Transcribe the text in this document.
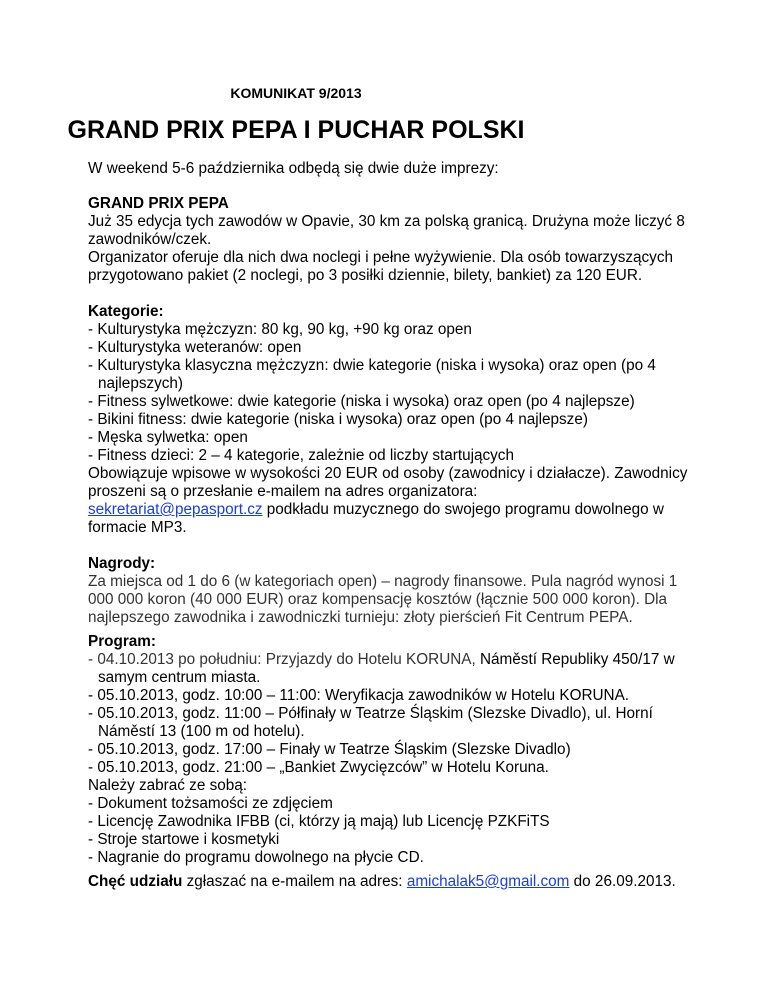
KOMUNIKAT 9/2013
GRAND PRIX PEPA I PUCHAR POLSKI

W weekend 5-6 października odbędą się dwie duże imprezy:

GRAND PRIX PEPA

Już 35 edycja tych zawodów w Opavie, 30 km za polską granicą. Drużyna może liczyć 8 zawodników/czek.

Organizator oferuje dla nich dwa noclegi i pełne wyżywienie. Dla osób towarzyszących przygotowano pakiet (2 noclegi, po 3 posiłki dziennie, bilety, bankiet) za 120 EUR.

Kategorie:

- Kulturystyka mężczyzn: 80 kg, 90 kg, +90 kg oraz open

- Kulturystyka weteranów: open

- Kulturystyka klasyczna mężczyzn: dwie kategorie (niska i wysoka) oraz open (po 4 najlepszych)

- Fitness sylwetkowe: dwie kategorie (niska i wysoka) oraz open (po 4 najlepsze)

- Bikini fitness: dwie kategorie (niska i wysoka) oraz open (po 4 najlepsze)

- Męska sylwetka: open

- Fitness dzieci: 2 – 4 kategorie, zależnie od liczby startujących

Obowiązuje wpisowe w wysokości 20 EUR od osoby (zawodnicy i działacze). Zawodnicy proszeni są o przesłanie e-mailem na adres organizatora:
sekretariat@pepasport.cz podkładu muzycznego do swojego programu dowolnego w formacie MP3.

Nagrody:

Za miejsca od 1 do 6 (w kategoriach open) – nagrody finansowe. Pula nagród wynosi 1 000 000 koron (40 000 EUR) oraz kompensację kosztów (łącznie 500 000 koron). Dla najlepszego zawodnika i zawodniczki turnieju: złoty pierścień Fit Centrum PEPA.

Program:

- 04.10.2013 po południu: Przyjazdy do Hotelu KORUNA, Náměstí Republiky 450/17 w samym centrum miasta.

- 05.10.2013, godz. 10:00 – 11:00: Weryfikacja zawodników w Hotelu KORUNA.

- 05.10.2013, godz. 11:00 – Półfinały w Teatrze Śląskim (Slezske Divadlo), ul. Horní Náměstí 13 (100 m od hotelu).

- 05.10.2013, godz. 17:00 – Finały w Teatrze Śląskim (Slezske Divadlo)

- 05.10.2013, godz. 21:00 – „Bankiet Zwycięzców” w Hotelu Koruna.

Należy zabrać ze sobą:

- Dokument tożsamości ze zdjęciem

- Licencję Zawodnika IFBB (ci, którzy ją mają) lub Licencję PZKFiTS

- Stroje startowe i kosmetyki

- Nagranie do programu dowolnego na płycie CD.

Chęć udziału zgłaszać na e-mailem na adres: amichalak5@gmail.com do 26.09.2013.
